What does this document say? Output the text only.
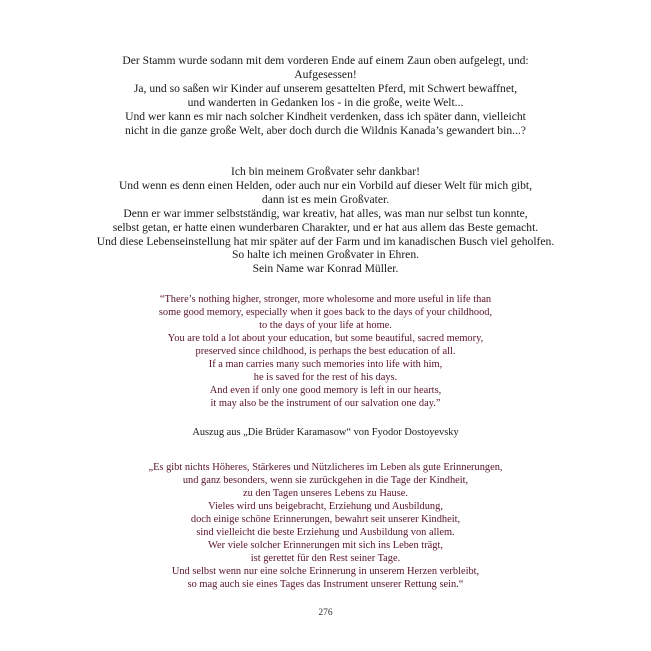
Der Stamm wurde sodann mit dem vorderen Ende auf einem Zaun oben aufgelegt, und:
Aufgesessen!
Ja, und so saßen wir Kinder auf unserem gesattelten Pferd, mit Schwert bewaffnet,
und wanderten in Gedanken los - in die große, weite Welt...
Und wer kann es mir nach solcher Kindheit verdenken, dass ich später dann, vielleicht
nicht in die ganze große Welt, aber doch durch die Wildnis Kanada’s gewandert bin...?
Ich bin meinem Großvater sehr dankbar!
Und wenn es denn einen Helden, oder auch nur ein Vorbild auf dieser Welt für mich gibt,
dann ist es mein Großvater.
Denn er war immer selbstständig, war kreativ, hat alles, was man nur selbst tun konnte,
selbst getan, er hatte einen wunderbaren Charakter, und er hat aus allem das Beste gemacht.
Und diese Lebenseinstellung hat mir später auf der Farm und im kanadischen Busch viel geholfen.
So halte ich meinen Großvater in Ehren.
Sein Name war Konrad Müller.
“There’s nothing higher, stronger, more wholesome and more useful in life than
some good memory, especially when it goes back to the days of your childhood,
to the days of your life at home.
You are told a lot about your education, but some beautiful, sacred memory,
preserved since childhood, is perhaps the best education of all.
If a man carries many such memories into life with him,
he is saved for the rest of his days.
And even if only one good memory is left in our hearts,
it may also be the instrument of our salvation one day.”
Auszug aus „Die Brüder Karamasow“ von Fyodor Dostoyevsky
„Es gibt nichts Höheres, Stärkeres und Nützlicheres im Leben als gute Erinnerungen,
und ganz besonders, wenn sie zurückgehen in die Tage der Kindheit,
zu den Tagen unseres Lebens zu Hause.
Vieles wird uns beigebracht, Erziehung und Ausbildung,
doch einige schöne Erinnerungen, bewahrt seit unserer Kindheit,
sind vielleicht die beste Erziehung und Ausbildung von allem.
Wer viele solcher Erinnerungen mit sich ins Leben trägt,
ist gerettet für den Rest seiner Tage.
Und selbst wenn nur eine solche Erinnerung in unserem Herzen verbleibt,
so mag auch sie eines Tages das Instrument unserer Rettung sein.“
276
